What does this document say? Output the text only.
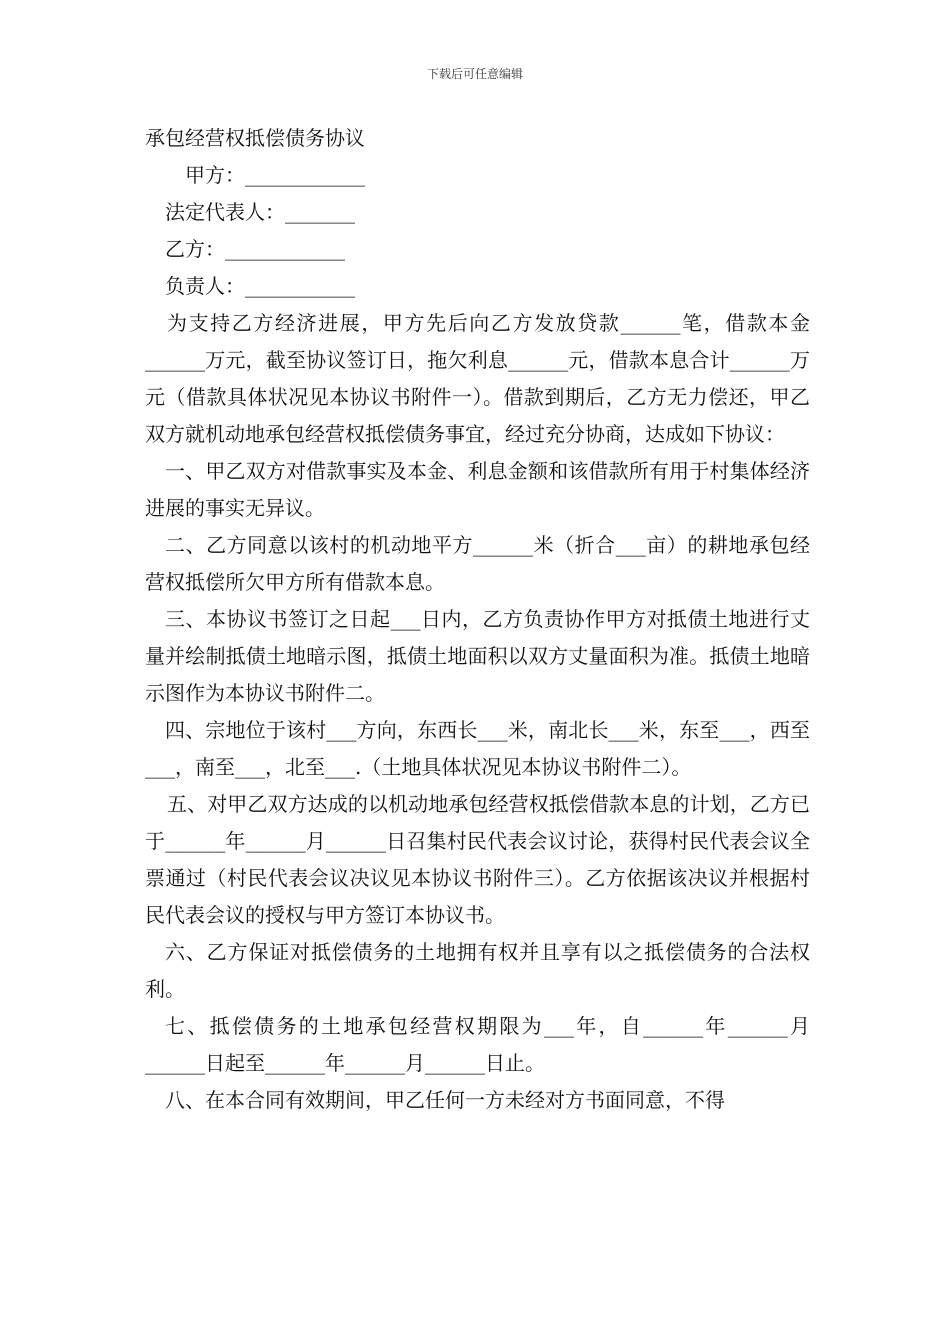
下载后可任意编辑
承包经营权抵偿债务协议
甲方：____________
法定代表人：_______
乙方：____________
负责人：___________
为支持乙方经济进展，甲方先后向乙方发放贷款______笔，借款本金______万元，截至协议签订日，拖欠利息______元，借款本息合计______万元（借款具体状况见本协议书附件一）。借款到期后，乙方无力偿还，甲乙双方就机动地承包经营权抵偿债务事宜，经过充分协商，达成如下协议：
一、甲乙双方对借款事实及本金、利息金额和该借款所有用于村集体经济进展的事实无异议。
二、乙方同意以该村的机动地平方______米（折合___亩）的耕地承包经营权抵偿所欠甲方所有借款本息。
三、本协议书签订之日起___日内，乙方负责协作甲方对抵债土地进行丈量并绘制抵债土地暗示图，抵债土地面积以双方丈量面积为准。抵债土地暗示图作为本协议书附件二。
四、宗地位于该村___方向，东西长___米，南北长___米，东至___，西至___，南至___，北至___.（土地具体状况见本协议书附件二）。
五、对甲乙双方达成的以机动地承包经营权抵偿借款本息的计划，乙方已于______年______月______日召集村民代表会议讨论，获得村民代表会议全票通过（村民代表会议决议见本协议书附件三）。乙方依据该决议并根据村民代表会议的授权与甲方签订本协议书。
六、乙方保证对抵偿债务的土地拥有权并且享有以之抵偿债务的合法权利。
七、抵偿债务的土地承包经营权期限为___年，自______年______月______日起至______年______月______日止。
八、在本合同有效期间，甲乙任何一方未经对方书面同意，不得
